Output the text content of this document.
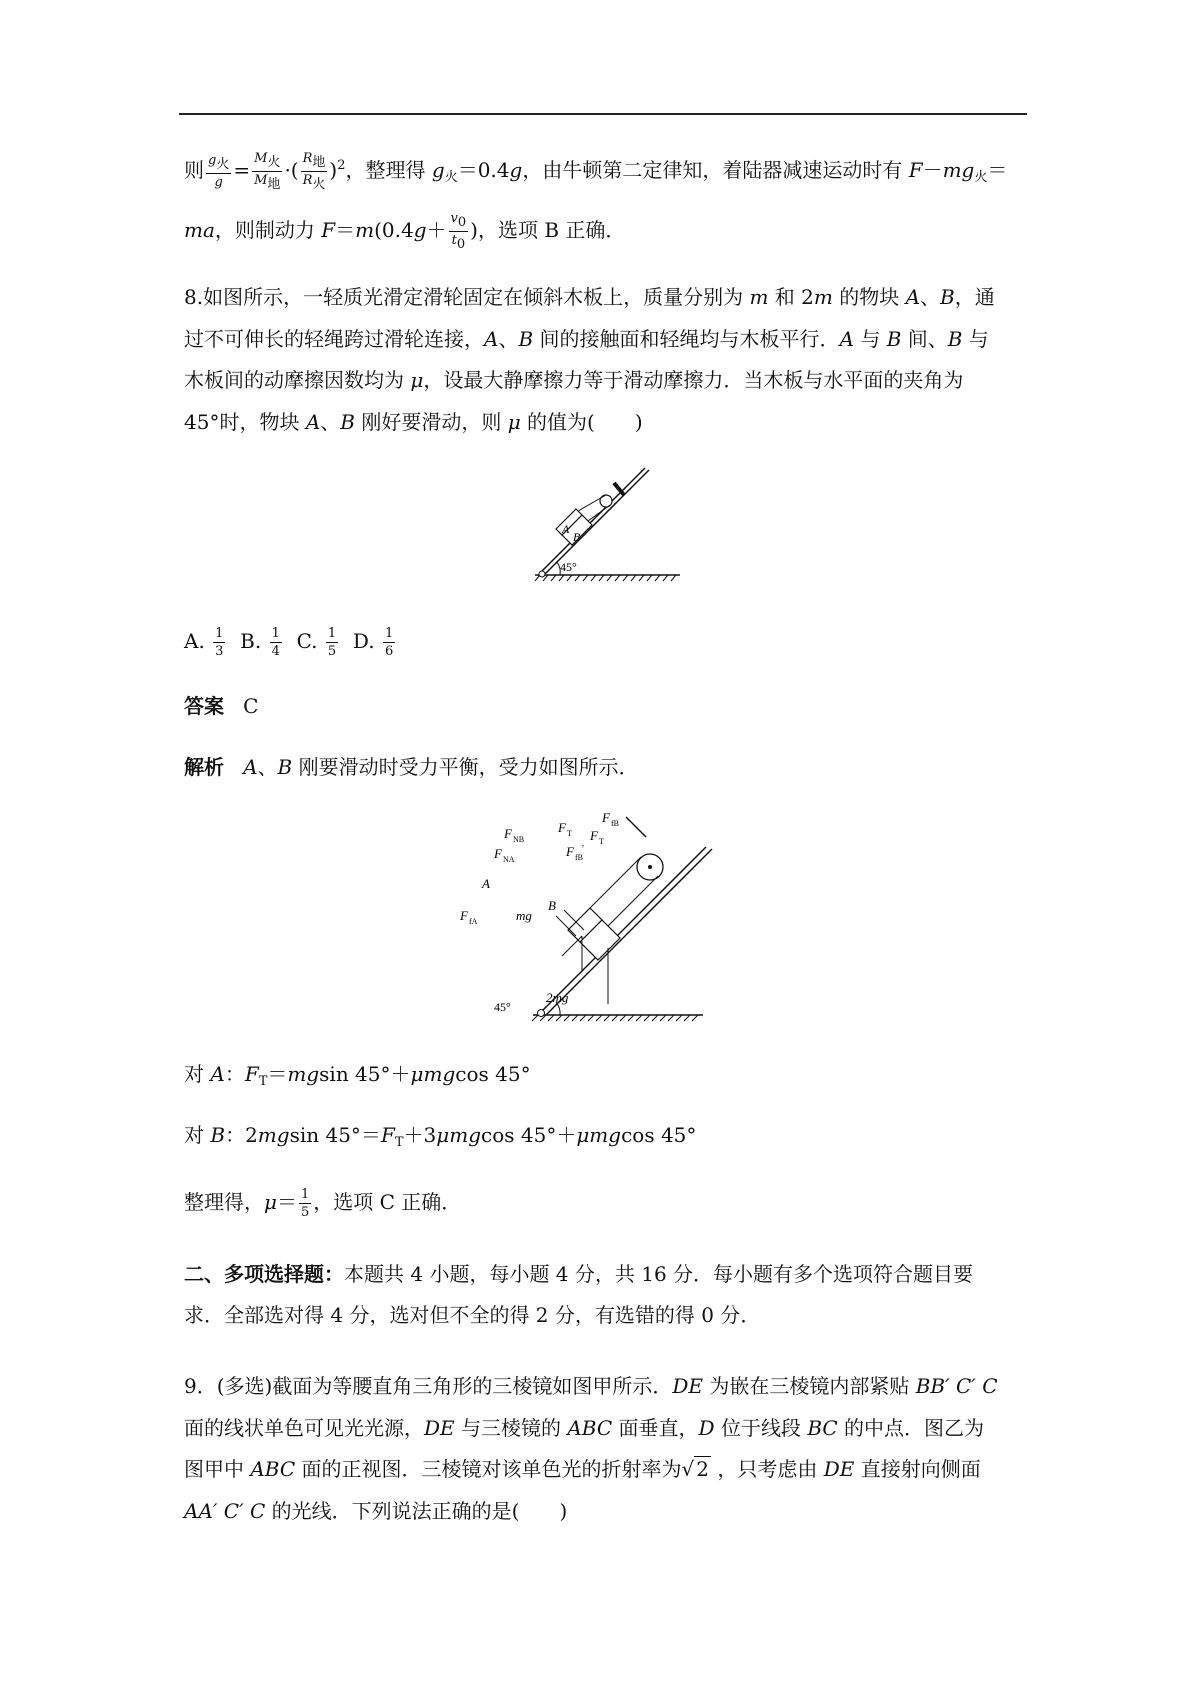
则 $\frac{\text{g火}}{g} = \frac{\text{M火}}{\text{M地}}$ ·( $\frac{\text{R地}}{\text{R火}} )^2$，整理得 $g_火=0.4g$，由牛顿第二定律知，着陆器减速运动时有 $F-mg_火=$
ma，则制动力 $F=m(0.4g+ \frac{v0}{t0}$ )，选项 B 正确．
8.如图所示，一轻质光滑定滑轮固定在倾斜木板上，质量分别为 m 和 2m 的物块 A、B，通
过不可伸长的轻绳跨过滑轮连接，A、B 间的接触面和轻绳均与木板平行．A 与 B 间、B 与
木板间的动摩擦因数均为 μ，设最大静摩擦力等于滑动摩擦力．当木板与水平面的夹角为
45°时，物块 A、B 刚好要滑动，则 μ 的值为(　　)
A
B
45°
A. $\frac{1}{3} B$. $\frac{1}{4} C$. $\frac{1}{5} D$. $\frac{1}{6}$
答案 C
解析 A、B 刚要滑动时受力平衡，受力如图所示．
F NB
F NA
F T
F fB
F T
F fB
′
A
B
F fA	mg
2mg
45°
对 A：$F_T=mgsin$ 45°＋μmgcos 45°
对 B：2mgsin $45^\circ=F_T+3\mu mgcos$ 45°＋μmgcos 45°
整理得，$\mu= \frac{1}{5}$ ，选项 C 正确．
二、多项选择题：本题共 4 小题，每小题 4 分，共 16 分．每小题有多个选项符合题目要
求．全部选对得 4 分，选对但不全的得 2 分，有选错的得 0 分．
9．(多选)截面为等腰直角三角形的三棱镜如图甲所示．DE 为嵌在三棱镜内部紧贴 BB′ C′ C
面的线状单色可见光光源，DE 与三棱镜的 ABC 面垂直，D 位于线段 BC 的中点．图乙为
图甲中 ABC 面的正视图．三棱镜对该单色光的折射率为√ 2 ，只考虑由 DE 直接射向侧面
AA′ C′ C 的光线．下列说法正确的是(　　)
